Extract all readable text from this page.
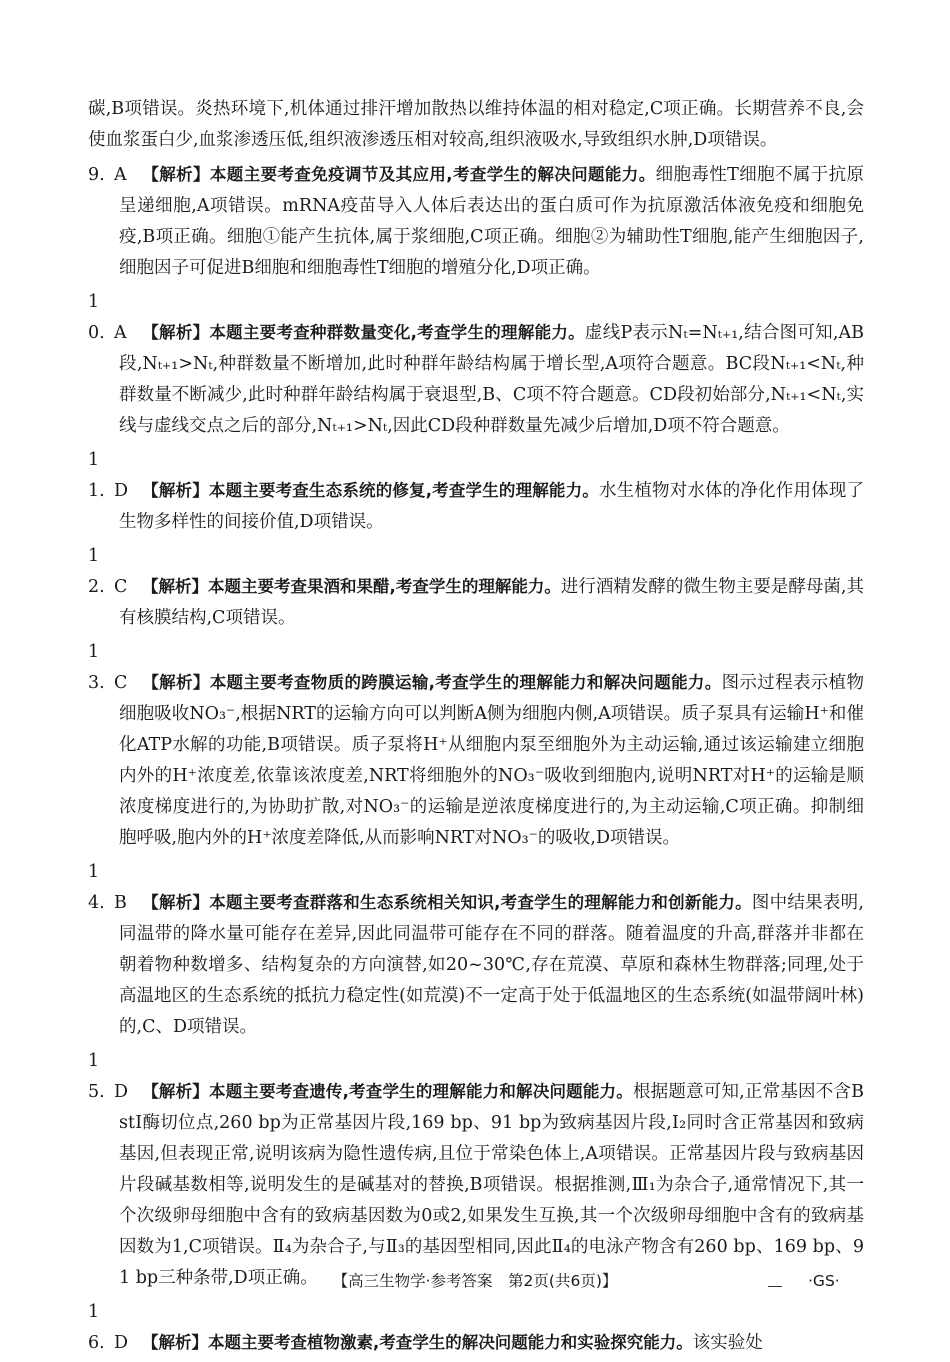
碳,B项错误。炎热环境下,机体通过排汗增加散热以维持体温的相对稳定,C项正确。长期营养不良,会使血浆蛋白少,血浆渗透压低,组织液渗透压相对较高,组织液吸水,导致组织水肿,D项错误。

9. A 【解析】本题主要考查免疫调节及其应用,考查学生的解决问题能力。细胞毒性T细胞不属于抗原呈递细胞,A项错误。mRNA疫苗导入人体后表达出的蛋白质可作为抗原激活体液免疫和细胞免疫,B项正确。细胞①能产生抗体,属于浆细胞,C项正确。细胞②为辅助性T细胞,能产生细胞因子,细胞因子可促进B细胞和细胞毒性T细胞的增殖分化,D项正确。

10. A 【解析】本题主要考查种群数量变化,考查学生的理解能力。虚线P表示Nₜ=Nₜ₊₁,结合图可知,AB段,Nₜ₊₁>Nₜ,种群数量不断增加,此时种群年龄结构属于增长型,A项符合题意。BC段Nₜ₊₁<Nₜ,种群数量不断减少,此时种群年龄结构属于衰退型,B、C项不符合题意。CD段初始部分,Nₜ₊₁<Nₜ,实线与虚线交点之后的部分,Nₜ₊₁>Nₜ,因此CD段种群数量先减少后增加,D项不符合题意。

11. D 【解析】本题主要考查生态系统的修复,考查学生的理解能力。水生植物对水体的净化作用体现了生物多样性的间接价值,D项错误。

12. C 【解析】本题主要考查果酒和果醋,考查学生的理解能力。进行酒精发酵的微生物主要是酵母菌,其有核膜结构,C项错误。

13. C 【解析】本题主要考查物质的跨膜运输,考查学生的理解能力和解决问题能力。图示过程表示植物细胞吸收NO₃⁻,根据NRT的运输方向可以判断A侧为细胞内侧,A项错误。质子泵具有运输H⁺和催化ATP水解的功能,B项错误。质子泵将H⁺从细胞内泵至细胞外为主动运输,通过该运输建立细胞内外的H⁺浓度差,依靠该浓度差,NRT将细胞外的NO₃⁻吸收到细胞内,说明NRT对H⁺的运输是顺浓度梯度进行的,为协助扩散,对NO₃⁻的运输是逆浓度梯度进行的,为主动运输,C项正确。抑制细胞呼吸,胞内外的H⁺浓度差降低,从而影响NRT对NO₃⁻的吸收,D项错误。

14. B 【解析】本题主要考查群落和生态系统相关知识,考查学生的理解能力和创新能力。图中结果表明,同温带的降水量可能存在差异,因此同温带可能存在不同的群落。随着温度的升高,群落并非都在朝着物种数增多、结构复杂的方向演替,如20~30℃,存在荒漠、草原和森林生物群落;同理,处于高温地区的生态系统的抵抗力稳定性(如荒漠)不一定高于处于低温地区的生态系统(如温带阔叶林)的,C、D项错误。

15. D 【解析】本题主要考查遗传,考查学生的理解能力和解决问题能力。根据题意可知,正常基因不含BstⅠ酶切位点,260 bp为正常基因片段,169 bp、91 bp为致病基因片段,Ⅰ₂同时含正常基因和致病基因,但表现正常,说明该病为隐性遗传病,且位于常染色体上,A项错误。正常基因片段与致病基因片段碱基数相等,说明发生的是碱基对的替换,B项错误。根据推测,Ⅲ₁为杂合子,通常情况下,其一个次级卵母细胞中含有的致病基因数为0或2,如果发生互换,其一个次级卵母细胞中含有的致病基因数为1,C项错误。Ⅱ₄为杂合子,与Ⅱ₃的基因型相同,因此Ⅱ₄的电泳产物含有260 bp、169 bp、91 bp三种条带,D项正确。

16. D 【解析】本题主要考查植物激素,考查学生的解决问题能力和实验探究能力。该实验处

【高三生物学·参考答案　第2页(共6页)】	·GS·
